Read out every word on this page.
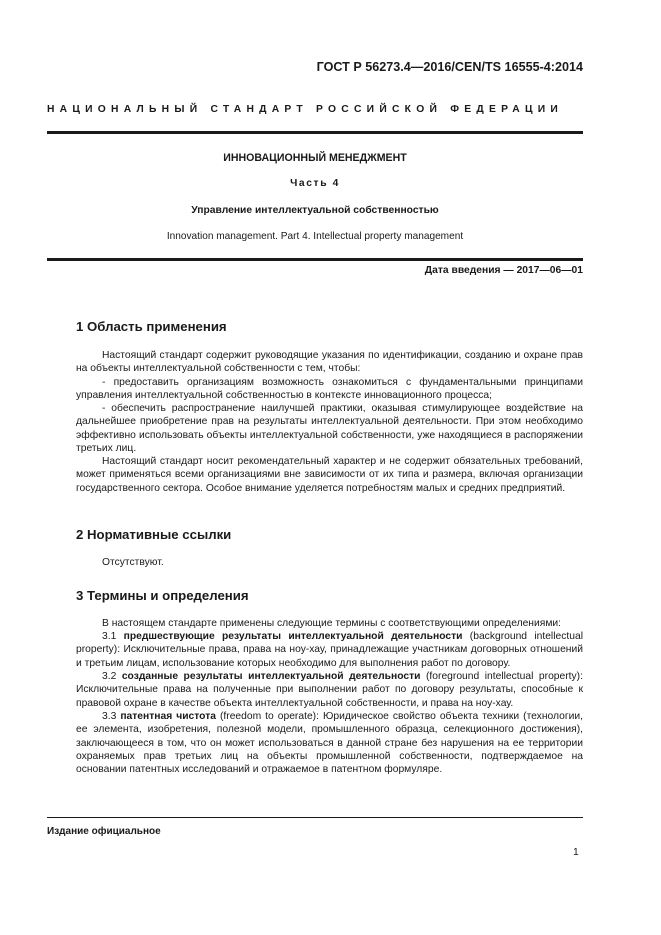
ГОСТ Р 56273.4—2016/CEN/TS 16555-4:2014
НАЦИОНАЛЬНЫЙ СТАНДАРТ РОССИЙСКОЙ ФЕДЕРАЦИИ
ИННОВАЦИОННЫЙ МЕНЕДЖМЕНТ
Часть 4
Управление интеллектуальной собственностью
Innovation management. Part 4. Intellectual property management
Дата введения — 2017—06—01
1 Область применения

Настоящий стандарт содержит руководящие указания по идентификации, созданию и охране прав на объекты интеллектуальной собственности с тем, чтобы:

- предоставить организациям возможность ознакомиться с фундаментальными принципами управления интеллектуальной собственностью в контексте инновационного процесса;

- обеспечить распространение наилучшей практики, оказывая стимулирующее воздействие на дальнейшее приобретение прав на результаты интеллектуальной деятельности. При этом необходимо эффективно использовать объекты интеллектуальной собственности, уже находящиеся в распоряжении третьих лиц.

Настоящий стандарт носит рекомендательный характер и не содержит обязательных требований, может применяться всеми организациями вне зависимости от их типа и размера, включая организации государственного сектора. Особое внимание уделяется потребностям малых и средних предприятий.

2 Нормативные ссылки

Отсутствуют.

3 Термины и определения

В настоящем стандарте применены следующие термины с соответствующими определениями:

3.1 предшествующие результаты интеллектуальной деятельности (background intellectual property): Исключительные права, права на ноу-хау, принадлежащие участникам договорных отношений и третьим лицам, использование которых необходимо для выполнения работ по договору.

3.2 созданные результаты интеллектуальной деятельности (foreground intellectual property): Исключительные права на полученные при выполнении работ по договору результаты, способные к правовой охране в качестве объекта интеллектуальной собственности, и права на ноу-хау.

3.3 патентная чистота (freedom to operate): Юридическое свойство объекта техники (технологии, ее элемента, изобретения, полезной модели, промышленного образца, селекционного достижения), заключающееся в том, что он может использоваться в данной стране без нарушения на ее территории охраняемых прав третьих лиц на объекты промышленной собственности, подтверждаемое на основании патентных исследований и отражаемое в патентном формуляре.

Издание официальное
1
